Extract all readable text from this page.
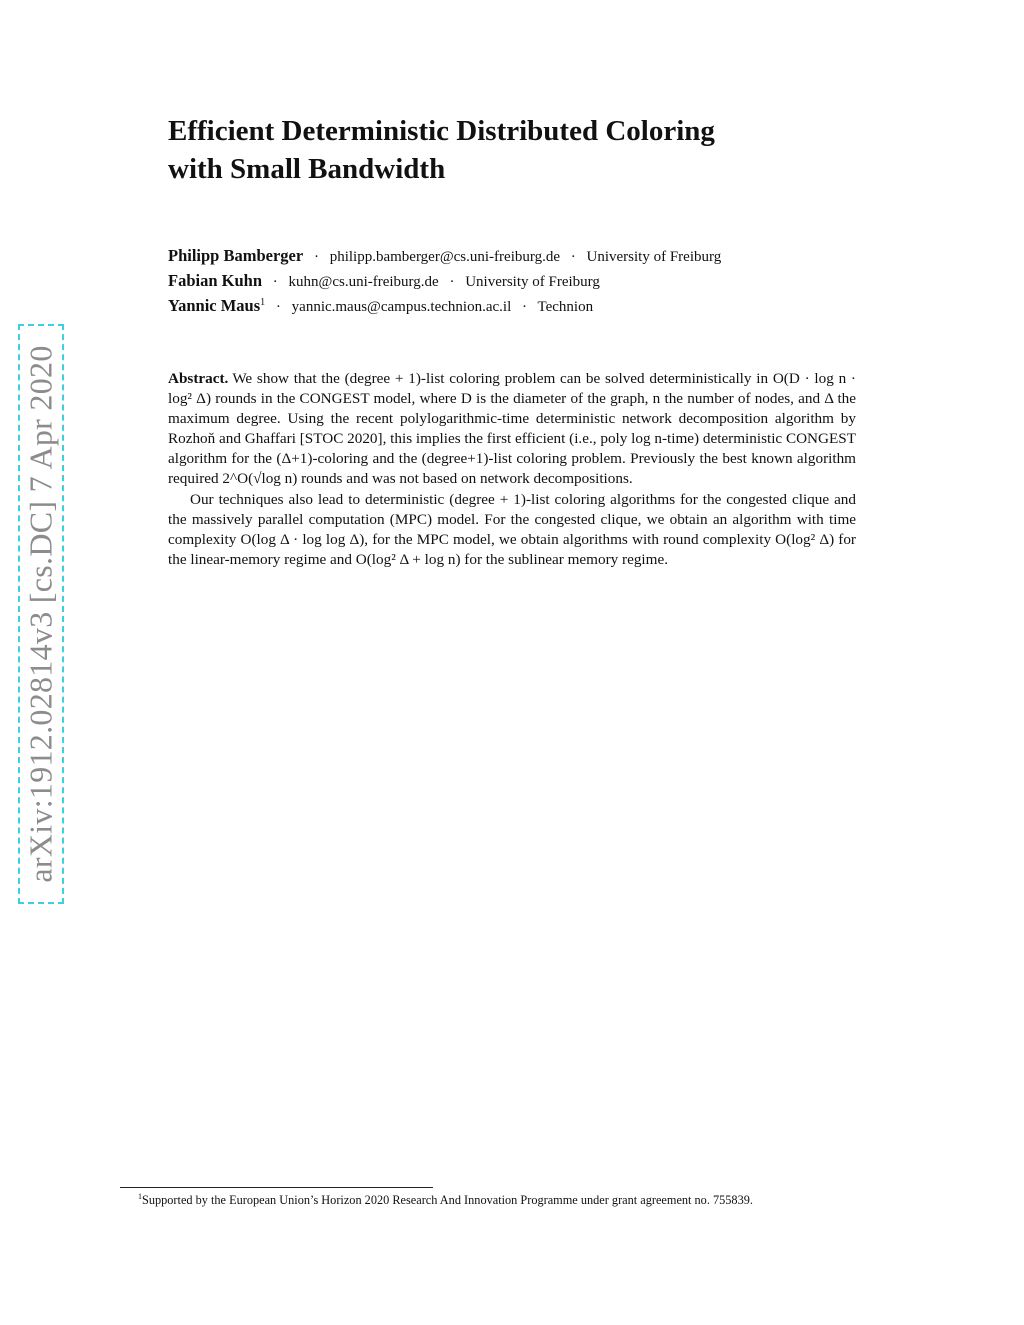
arXiv:1912.02814v3 [cs.DC] 7 Apr 2020
Efficient Deterministic Distributed Coloring
with Small Bandwidth
Philipp Bamberger · philipp.bamberger@cs.uni-freiburg.de · University of Freiburg
Fabian Kuhn · kuhn@cs.uni-freiburg.de · University of Freiburg
Yannic Maus$^1$ · yannic.maus@campus.technion.ac.il · Technion

Abstract. We show that the (degree + 1)-list coloring problem can be solved deterministically in O(D · log n · log² Δ) rounds in the CONGEST model, where D is the diameter of the graph, n the number of nodes, and Δ the maximum degree. Using the recent polylogarithmic-time deterministic network decomposition algorithm by Rozhoň and Ghaffari [STOC 2020], this implies the first efficient (i.e., poly log n-time) deterministic CONGEST algorithm for the (Δ+1)-coloring and the (degree+1)-list coloring problem. Previously the best known algorithm required 2^O(√log n) rounds and was not based on network decompositions.

Our techniques also lead to deterministic (degree + 1)-list coloring algorithms for the congested clique and the massively parallel computation (MPC) model. For the congested clique, we obtain an algorithm with time complexity O(log Δ · log log Δ), for the MPC model, we obtain algorithms with round complexity O(log² Δ) for the linear-memory regime and O(log² Δ + log n) for the sublinear memory regime.

$^1$Supported by the European Union’s Horizon 2020 Research And Innovation Programme under grant agreement no. 755839.
